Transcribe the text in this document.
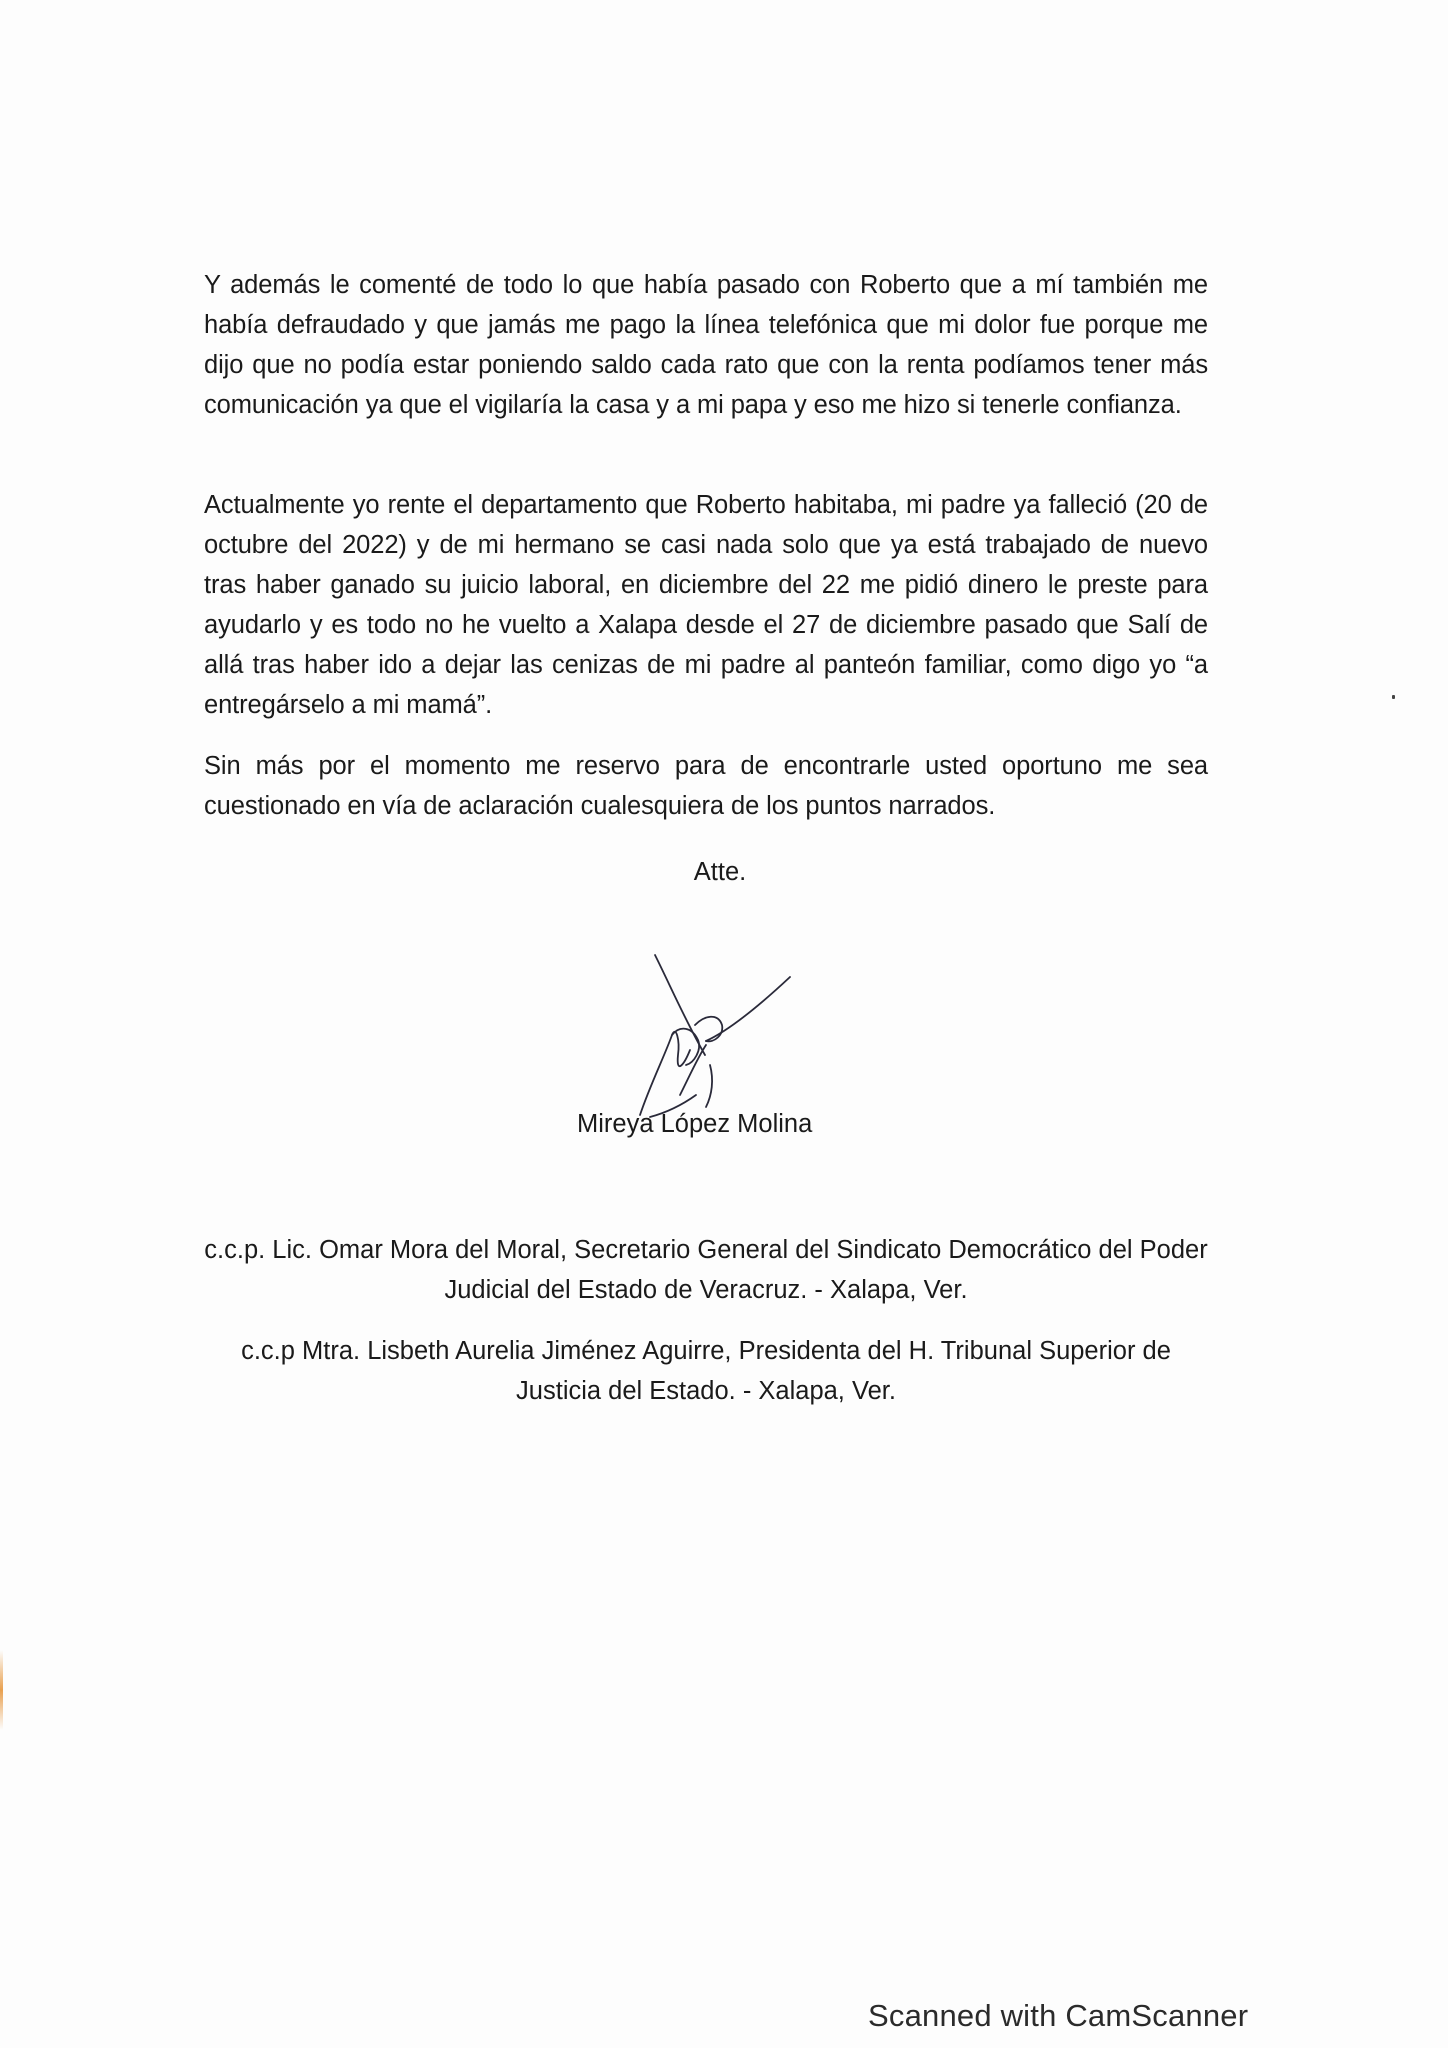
Y además le comenté de todo lo que había pasado con Roberto que a mí también me había defraudado y que jamás me pago la línea telefónica que mi dolor fue porque me dijo que no podía estar poniendo saldo cada rato que con la renta podíamos tener más comunicación ya que el vigilaría la casa y a mi papa y eso me hizo si tenerle confianza.

Actualmente yo rente el departamento que Roberto habitaba, mi padre ya falleció (20 de octubre del 2022) y de mi hermano se casi nada solo que ya está trabajado de nuevo tras haber ganado su juicio laboral, en diciembre del 22 me pidió dinero le preste para ayudarlo y es todo no he vuelto a Xalapa desde el 27 de diciembre pasado que Salí de allá tras haber ido a dejar las cenizas de mi padre al panteón familiar, como digo yo “a entregárselo a mi mamá”.

Sin más por el momento me reservo para de encontrarle usted oportuno me sea cuestionado en vía de aclaración cualesquiera de los puntos narrados.

Atte.
Mireya López Molina
c.c.p. Lic. Omar Mora del Moral, Secretario General del Sindicato Democrático del Poder Judicial del Estado de Veracruz. - Xalapa, Ver.
c.c.p Mtra. Lisbeth Aurelia Jiménez Aguirre, Presidenta del H. Tribunal Superior de Justicia del Estado. - Xalapa, Ver.
Scanned with CamScanner
